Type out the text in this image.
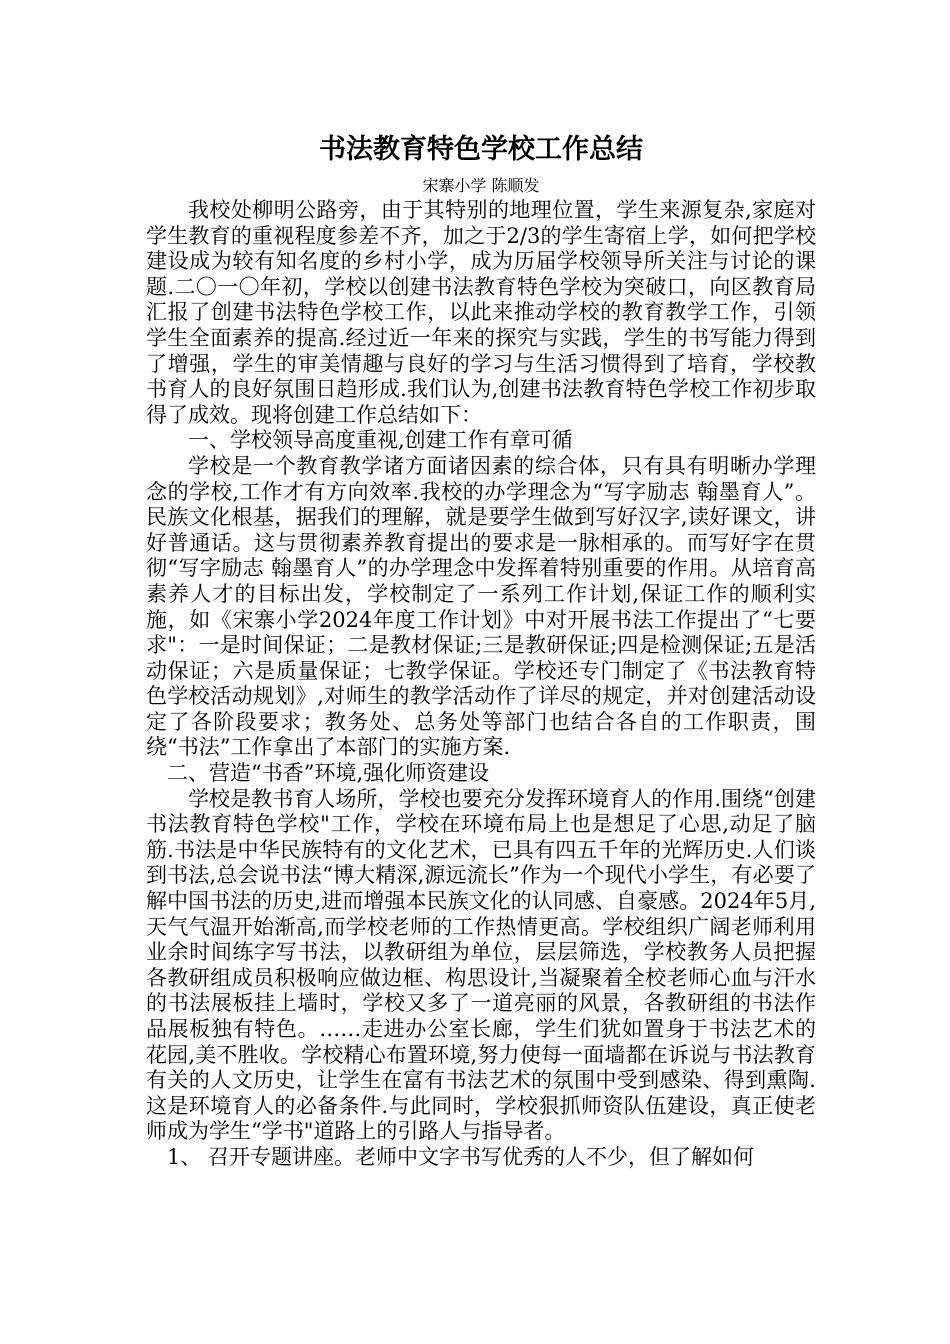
书法教育特色学校工作总结
宋寨小学 陈顺发

我校处柳明公路旁，由于其特别的地理位置，学生来源复杂,家庭对学生教育的重视程度参差不齐，加之于2/3的学生寄宿上学，如何把学校建设成为较有知名度的乡村小学，成为历届学校领导所关注与讨论的课题.二〇一〇年初，学校以创建书法教育特色学校为突破口，向区教育局汇报了创建书法特色学校工作，以此来推动学校的教育教学工作，引领学生全面素养的提高.经过近一年来的探究与实践，学生的书写能力得到了增强，学生的审美情趣与良好的学习与生活习惯得到了培育，学校教书育人的良好氛围日趋形成.我们认为,创建书法教育特色学校工作初步取得了成效。现将创建工作总结如下：

一、学校领导高度重视,创建工作有章可循

学校是一个教育教学诸方面诸因素的综合体，只有具有明晰办学理念的学校,工作才有方向效率.我校的办学理念为“写字励志 翰墨育人”。民族文化根基，据我们的理解，就是要学生做到写好汉字,读好课文，讲好普通话。这与贯彻素养教育提出的要求是一脉相承的。而写好字在贯彻“写字励志 翰墨育人”的办学理念中发挥着特别重要的作用。从培育高素养人才的目标出发，学校制定了一系列工作计划,保证工作的顺利实施，如《宋寨小学2024年度工作计划》中对开展书法工作提出了“七要求"：一是时间保证；二是教材保证;三是教研保证;四是检测保证;五是活动保证；六是质量保证；七教学保证。学校还专门制定了《书法教育特色学校活动规划》,对师生的教学活动作了详尽的规定，并对创建活动设定了各阶段要求；教务处、总务处等部门也结合各自的工作职责，围绕“书法”工作拿出了本部门的实施方案.

二、营造“书香”环境,强化师资建设

学校是教书育人场所，学校也要充分发挥环境育人的作用.围绕“创建书法教育特色学校"工作，学校在环境布局上也是想足了心思,动足了脑筋.书法是中华民族特有的文化艺术，已具有四五千年的光辉历史.人们谈到书法,总会说书法“博大精深,源远流长”作为一个现代小学生，有必要了解中国书法的历史,进而增强本民族文化的认同感、自豪感。2024年5月,天气气温开始渐高,而学校老师的工作热情更高。学校组织广阔老师利用业余时间练字写书法，以教研组为单位，层层筛选，学校教务人员把握各教研组成员积极响应做边框、构思设计,当凝聚着全校老师心血与汗水的书法展板挂上墙时，学校又多了一道亮丽的风景，各教研组的书法作品展板独有特色。……走进办公室长廊，学生们犹如置身于书法艺术的花园,美不胜收。学校精心布置环境,努力使每一面墙都在诉说与书法教育有关的人文历史，让学生在富有书法艺术的氛围中受到感染、得到熏陶.这是环境育人的必备条件.与此同时，学校狠抓师资队伍建设，真正使老师成为学生“学书"道路上的引路人与指导者。

1、 召开专题讲座。老师中文字书写优秀的人不少，但了解如何
